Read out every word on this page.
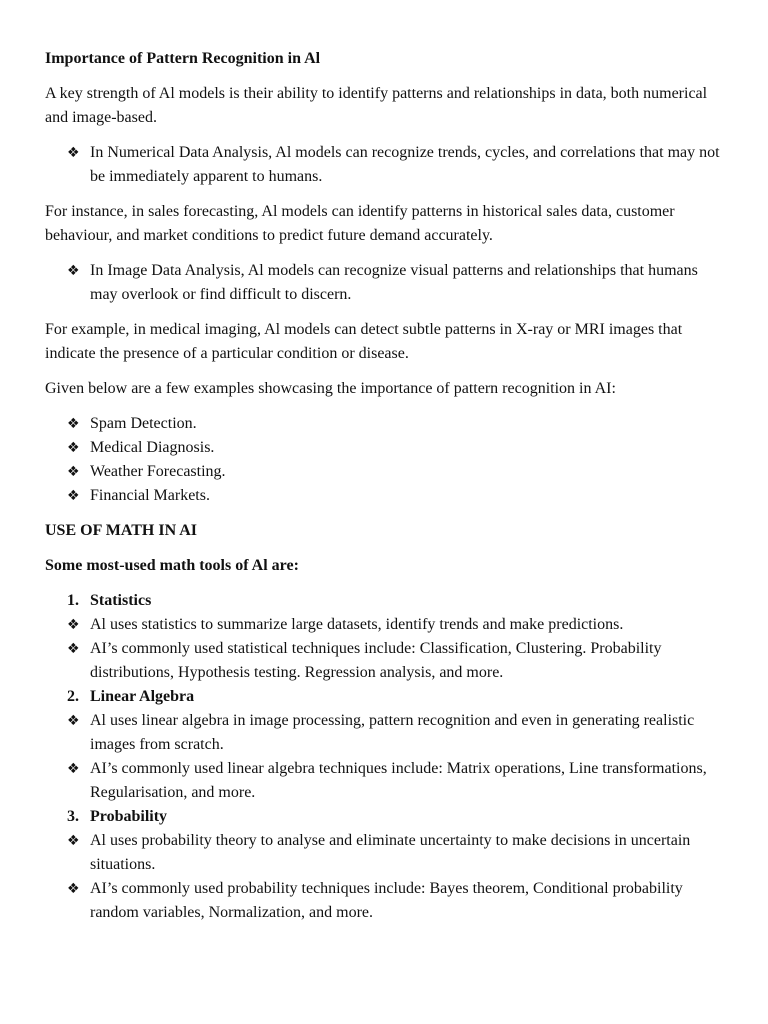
Importance of Pattern Recognition in Al

A key strength of Al models is their ability to identify patterns and relationships in data, both numerical and image-based.

❖ In Numerical Data Analysis, Al models can recognize trends, cycles, and correlations that may not be immediately apparent to humans.

For instance, in sales forecasting, Al models can identify patterns in historical sales data, customer behaviour, and market conditions to predict future demand accurately.

❖ In Image Data Analysis, Al models can recognize visual patterns and relationships that humans may overlook or find difficult to discern.

For example, in medical imaging, Al models can detect subtle patterns in X-ray or MRI images that indicate the presence of a particular condition or disease.

Given below are a few examples showcasing the importance of pattern recognition in AI:

❖ Spam Detection.
❖ Medical Diagnosis.
❖ Weather Forecasting.
❖ Financial Markets.
USE OF MATH IN AI
Some most-used math tools of Al are:
1. Statistics
❖ Al uses statistics to summarize large datasets, identify trends and make predictions.
❖ AI’s commonly used statistical techniques include: Classification, Clustering. Probability distributions, Hypothesis testing. Regression analysis, and more.
2. Linear Algebra
❖ Al uses linear algebra in image processing, pattern recognition and even in generating realistic images from scratch.
❖ AI’s commonly used linear algebra techniques include: Matrix operations, Line transformations, Regularisation, and more.
3. Probability
❖ Al uses probability theory to analyse and eliminate uncertainty to make decisions in uncertain situations.
❖ AI’s commonly used probability techniques include: Bayes theorem, Conditional probability random variables, Normalization, and more.
